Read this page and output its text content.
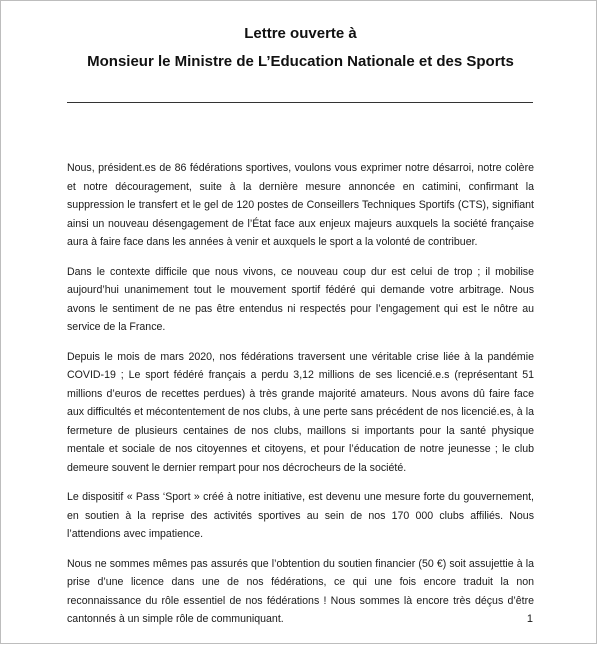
Lettre ouverte à
Monsieur le Ministre de L’Education Nationale et des Sports

Nous, président.es de 86 fédérations sportives, voulons vous exprimer notre désarroi, notre colère et notre découragement, suite à la dernière mesure annoncée en catimini, confirmant la suppression le transfert et le gel de 120 postes de Conseillers Techniques Sportifs (CTS), signifiant ainsi un nouveau désengagement de l’État face aux enjeux majeurs auxquels la société française aura à faire face dans les années à venir et auxquels le sport a la volonté de contribuer.

Dans le contexte difficile que nous vivons, ce nouveau coup dur est celui de trop ; il mobilise aujourd’hui unanimement tout le mouvement sportif fédéré qui demande votre arbitrage. Nous avons le sentiment de ne pas être entendus ni respectés pour l’engagement qui est le nôtre au service de la France.

Depuis le mois de mars 2020, nos fédérations traversent une véritable crise liée à la pandémie COVID-19 ; Le sport fédéré français a perdu 3,12 millions de ses licencié.e.s (représentant 51 millions d’euros de recettes perdues) à très grande majorité amateurs. Nous avons dû faire face aux difficultés et mécontentement de nos clubs, à une perte sans précédent de nos licencié.es, à la fermeture de plusieurs centaines de nos clubs, maillons si importants pour la santé physique mentale et sociale de nos citoyennes et citoyens, et pour l’éducation de notre jeunesse ; le club demeure souvent le dernier rempart pour nos décrocheurs de la société.

Le dispositif « Pass ‘Sport » créé à notre initiative, est devenu une mesure forte du gouvernement, en soutien à la reprise des activités sportives au sein de nos 170 000 clubs affiliés. Nous l’attendions avec impatience.

Nous ne sommes mêmes pas assurés que l’obtention du soutien financier (50 €) soit assujettie à la prise d’une licence dans une de nos fédérations, ce qui une fois encore traduit la non reconnaissance du rôle essentiel de nos fédérations ! Nous sommes là encore très déçus d’être cantonnés à un simple rôle de communiquant.	1
